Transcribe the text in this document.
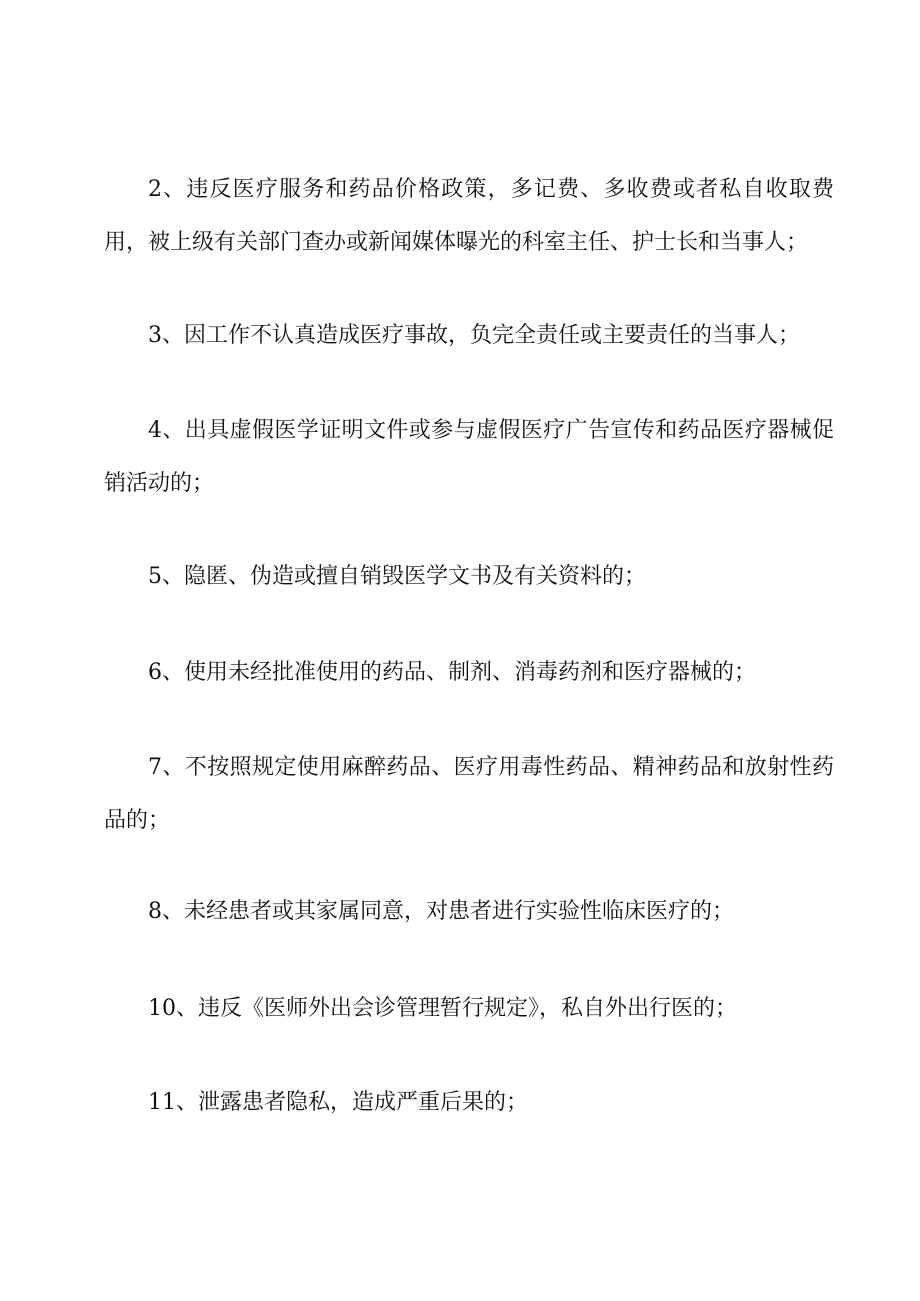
2、违反医疗服务和药品价格政策，多记费、多收费或者私自收取费用，被上级有关部门查办或新闻媒体曝光的科室主任、护士长和当事人；

3、因工作不认真造成医疗事故，负完全责任或主要责任的当事人；

4、出具虚假医学证明文件或参与虚假医疗广告宣传和药品医疗器械促销活动的；

5、隐匿、伪造或擅自销毁医学文书及有关资料的；

6、使用未经批准使用的药品、制剂、消毒药剂和医疗器械的；

7、不按照规定使用麻醉药品、医疗用毒性药品、精神药品和放射性药品的；

8、未经患者或其家属同意，对患者进行实验性临床医疗的；

10、违反《医师外出会诊管理暂行规定》，私自外出行医的；

11、泄露患者隐私，造成严重后果的；
